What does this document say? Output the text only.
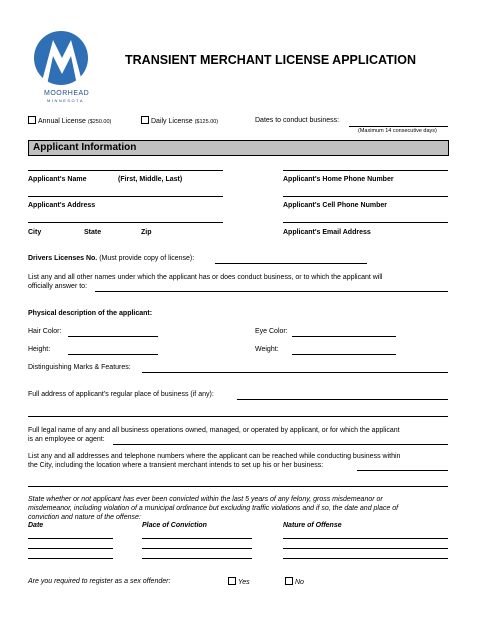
MOORHEAD
MINNESOTA
TRANSIENT MERCHANT LICENSE APPLICATION
Annual License ($250.00)	Daily License ($125.00)	Dates to conduct business:
(Maximum 14 consecutive days)
Applicant Information
Applicant's Name	(First, Middle, Last)	Applicant's Home Phone Number
Applicant's Address	Applicant's Cell Phone Number
City	State	Zip	Applicant's Email Address
Drivers Licenses No. (Must provide copy of license):
List any and all other names under which the applicant has or does conduct business, or to which the applicant will
officially answer to:
Physical description of the applicant:
Hair Color:	Eye Color:
Height:	Weight:
Distinguishing Marks & Features:
Full address of applicant's regular place of business (if any):
Full legal name of any and all business operations owned, managed, or operated by applicant, or for which the applicant
is an employee or agent:
List any and all addresses and telephone numbers where the applicant can be reached while conducting business within
the City, including the location where a transient merchant intends to set up his or her business:
State whether or not applicant has ever been convicted within the last 5 years of any felony, gross misdemeanor or
misdemeanor, including violation of a municipal ordinance but excluding traffic violations and if so, the date and place of
conviction and nature of the offense:
Date	Place of Conviction	Nature of Offense
Are you required to register as a sex offender:	Yes	No
